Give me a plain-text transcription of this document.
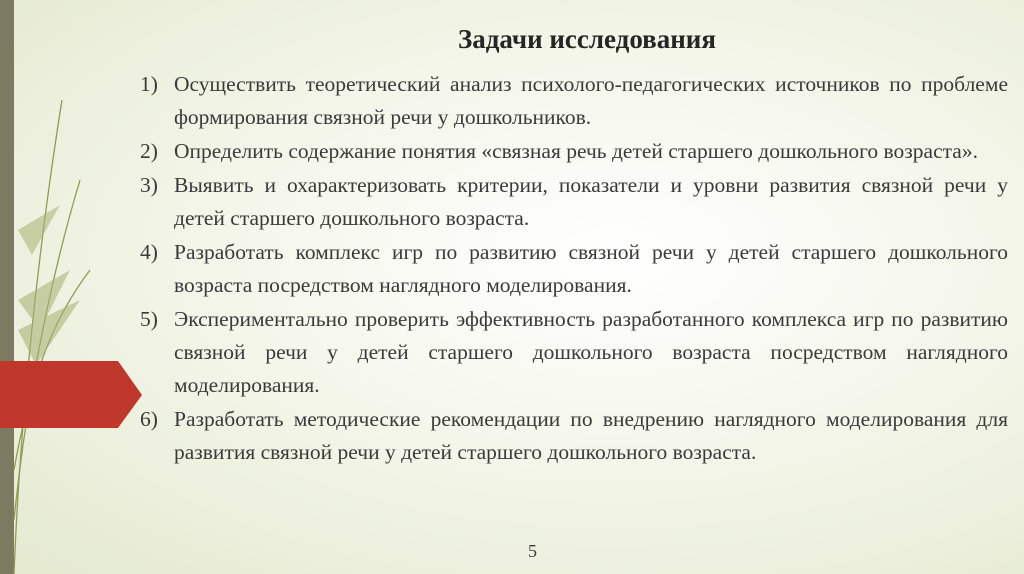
Задачи исследования
1) Осуществить теоретический анализ психолого-педагогических источников по проблеме формирования связной речи у дошкольников.
2) Определить содержание понятия «связная речь детей старшего дошкольного возраста».
3) Выявить и охарактеризовать критерии, показатели и уровни развития связной речи у детей старшего дошкольного возраста.
4) Разработать комплекс игр по развитию связной речи у детей старшего дошкольного возраста посредством наглядного моделирования.
5) Экспериментально проверить эффективность разработанного комплекса игр по развитию связной речи у детей старшего дошкольного возраста посредством наглядного моделирования.
6) Разработать методические рекомендации по внедрению наглядного моделирования для развития связной речи у детей старшего дошкольного возраста.
5
